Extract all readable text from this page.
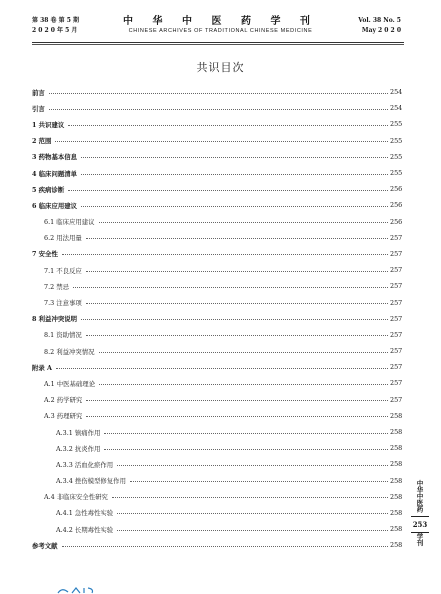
第 38 卷 第 5 期
2 0 2 0 年 5 月
中 华 中 医 药 学 刊
CHINESE ARCHIVES OF TRADITIONAL CHINESE MEDICINE
Vol. 38 No. 5
May 2 0 2 0
共识目次
前言	254
引言	254
1 共识建议	255
2 范围	255
3 药物基本信息	255
4 临床问题清单	255
5 疾病诊断	256
6 临床应用建议	256
6.1 临床应用建议	256
6.2 用法用量	257
7 安全性	257
7.1 不良反应	257
7.2 禁忌	257
7.3 注意事项	257
8 利益冲突说明	257
8.1 资助情况	257
8.2 利益冲突情况	257
附录 A	257
A.1 中医基础理论	257
A.2 药学研究	257
A.3 药理研究	258
A.3.1 镇痛作用	258
A.3.2 抗炎作用	258
A.3.3 活血化瘀作用	258
A.3.4 挫伤模型修复作用	258
A.4 非临床安全性研究	258
A.4.1 急性毒性实验	258
A.4.2 长期毒性实验	258
参考文献	258
中华中医药
253
学刊
